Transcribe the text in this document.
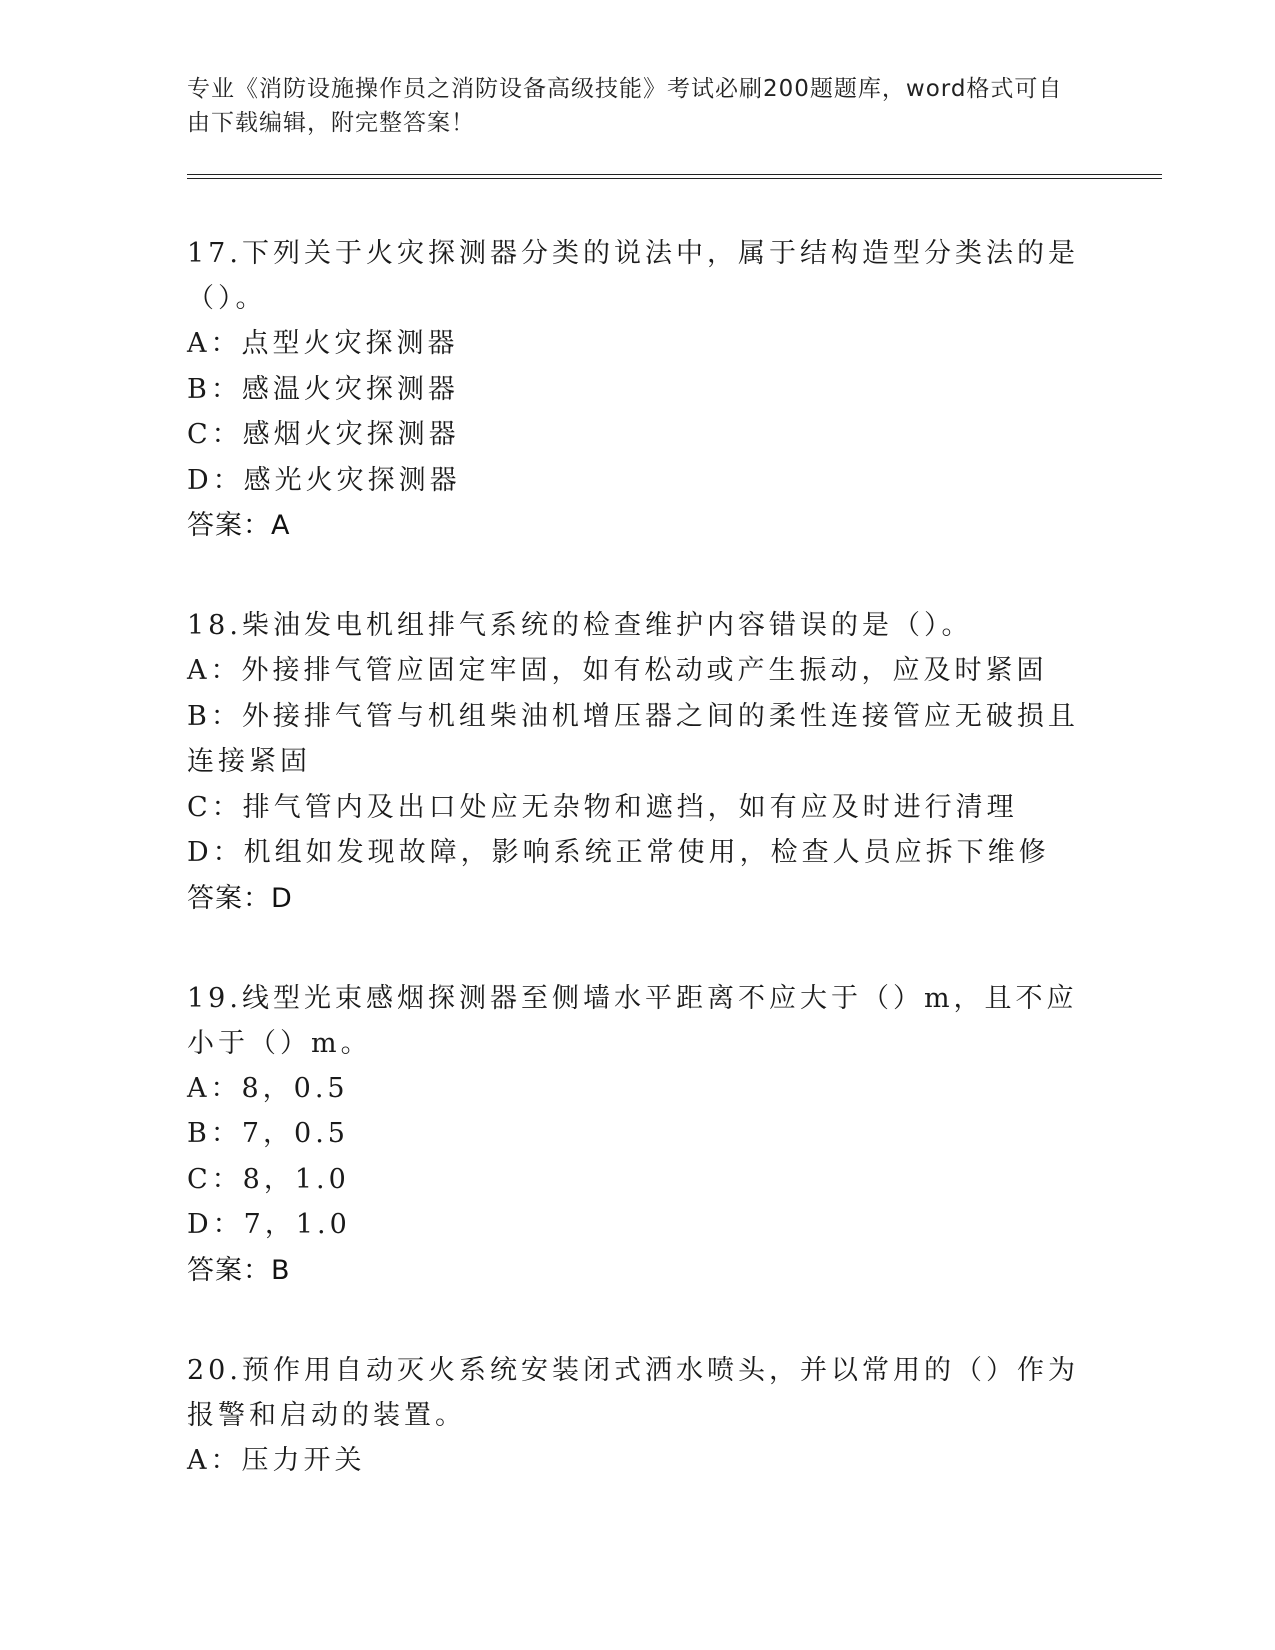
专业《消防设施操作员之消防设备高级技能》考试必刷200题题库，word格式可自由下载编辑，附完整答案！
17.下列关于火灾探测器分类的说法中，属于结构造型分类法的是（）。
A：点型火灾探测器
B：感温火灾探测器
C：感烟火灾探测器
D：感光火灾探测器
答案：A
18.柴油发电机组排气系统的检查维护内容错误的是（）。
A：外接排气管应固定牢固，如有松动或产生振动，应及时紧固
B：外接排气管与机组柴油机增压器之间的柔性连接管应无破损且连接紧固
C：排气管内及出口处应无杂物和遮挡，如有应及时进行清理
D：机组如发现故障，影响系统正常使用，检查人员应拆下维修
答案：D
19.线型光束感烟探测器至侧墙水平距离不应大于（）m，且不应小于（）m。
A：8，0.5
B：7，0.5
C：8，1.0
D：7，1.0
答案：B
20.预作用自动灭火系统安装闭式洒水喷头，并以常用的（）作为报警和启动的装置。
A：压力开关
